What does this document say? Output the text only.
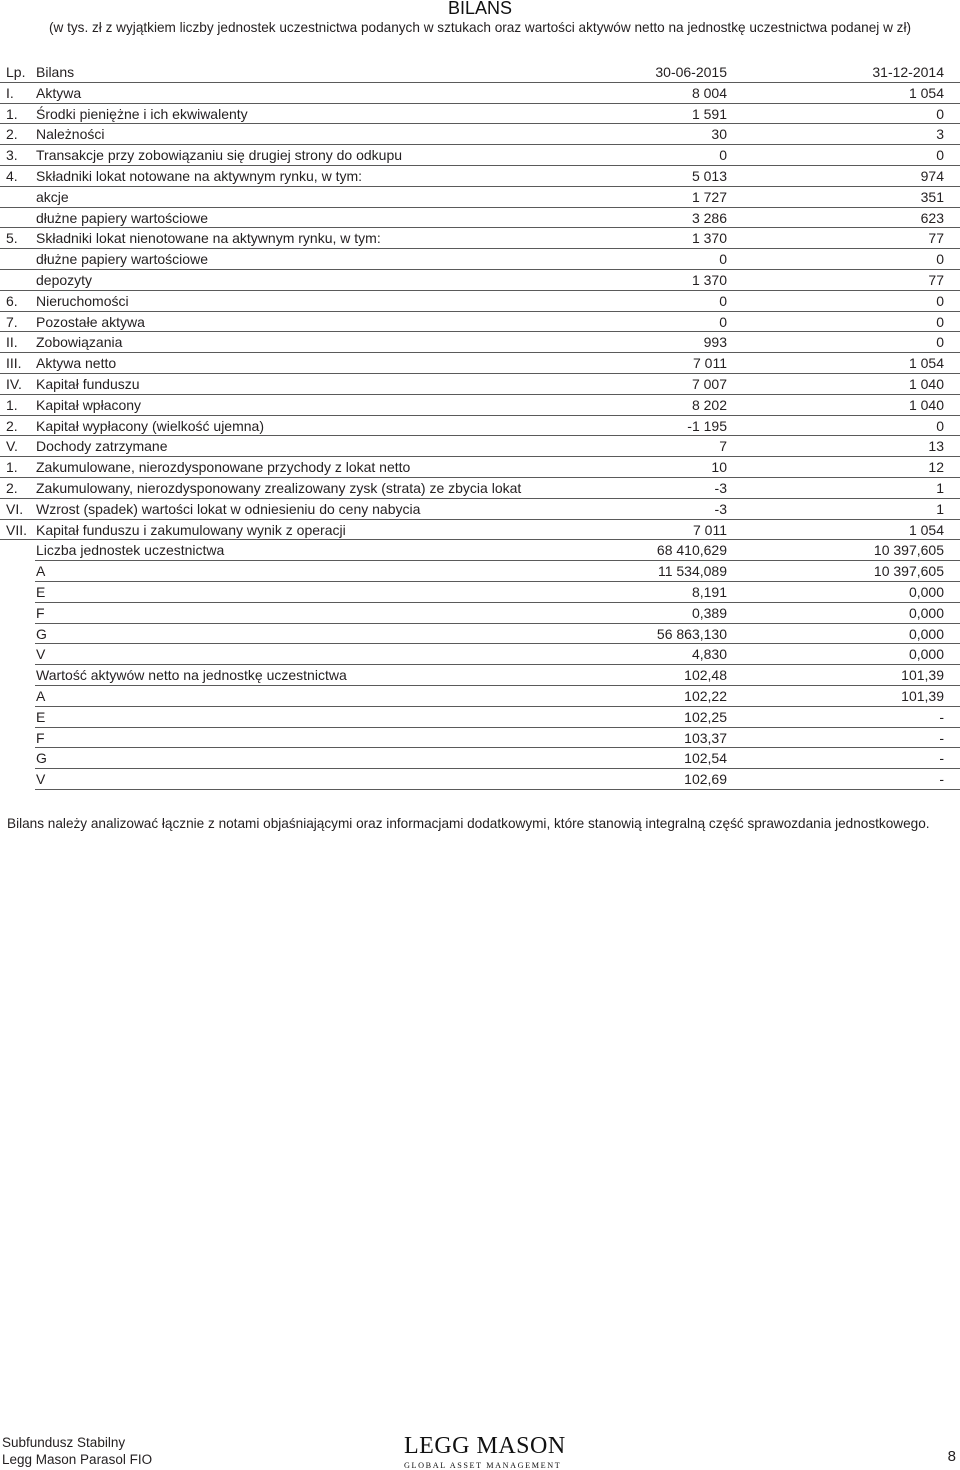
BILANS
(w tys. zł z wyjątkiem liczby jednostek uczestnictwa podanych w sztukach oraz wartości aktywów netto na jednostkę uczestnictwa podanej w zł)
Lp. Bilans	30-06-2015	31-12-2014
I. Aktywa	8 004	1 054
1. Środki pieniężne i ich ekwiwalenty	1 591	0
2. Należności	30	3
3. Transakcje przy zobowiązaniu się drugiej strony do odkupu	0	0
4. Składniki lokat notowane na aktywnym rynku, w tym:	5 013	974
akcje	1 727	351
dłużne papiery wartościowe	3 286	623
5. Składniki lokat nienotowane na aktywnym rynku, w tym:	1 370	77
dłużne papiery wartościowe	0	0
depozyty	1 370	77
6. Nieruchomości	0	0
7. Pozostałe aktywa	0	0
II. Zobowiązania	993	0
III. Aktywa netto	7 011	1 054
IV. Kapitał funduszu	7 007	1 040
1. Kapitał wpłacony	8 202	1 040
2. Kapitał wypłacony (wielkość ujemna)	-1 195	0
V. Dochody zatrzymane	7	13
1. Zakumulowane, nierozdysponowane przychody z lokat netto	10	12
2. Zakumulowany, nierozdysponowany zrealizowany zysk (strata) ze zbycia lokat	-3	1
VI. Wzrost (spadek) wartości lokat w odniesieniu do ceny nabycia	-3	1
VII. Kapitał funduszu i zakumulowany wynik z operacji	7 011	1 054
Liczba jednostek uczestnictwa	68 410,629	10 397,605
A	11 534,089	10 397,605
E	8,191	0,000
F	0,389	0,000
G	56 863,130	0,000
V	4,830	0,000
Wartość aktywów netto na jednostkę uczestnictwa	102,48	101,39
A	102,22	101,39
E	102,25	-
F	103,37	-
G	102,54	-
V	102,69	-
Bilans należy analizować łącznie z notami objaśniającymi oraz informacjami dodatkowymi, które stanowią integralną część sprawozdania jednostkowego.
Subfundusz Stabilny
Legg Mason Parasol FIO
LEGG MASON
GLOBAL ASSET MANAGEMENT
8
